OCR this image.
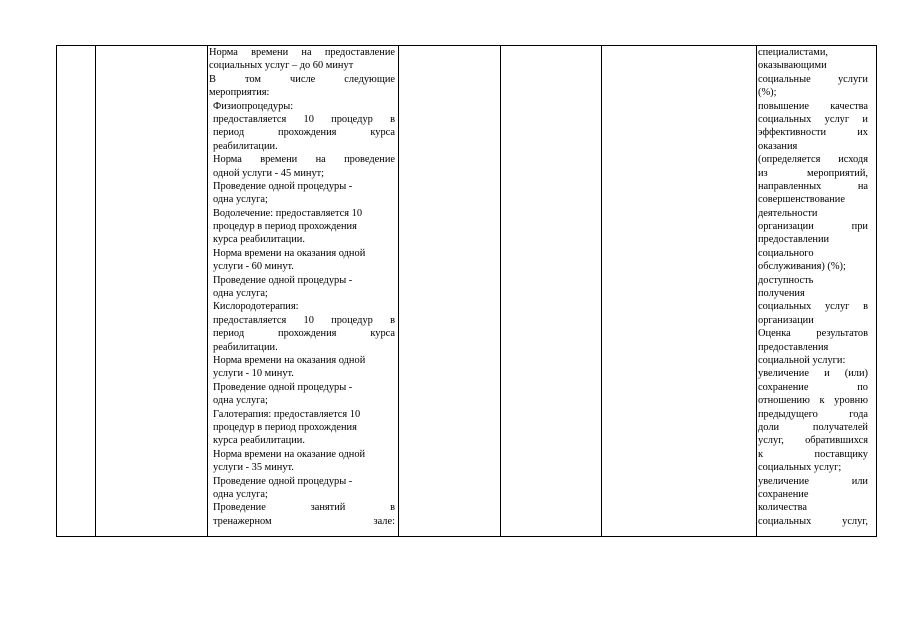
Норма времени на предоставление
социальных услуг – до 60 минут
В том числе следующие
мероприятия:
Физиопроцедуры:
предоставляется 10 процедур в
период прохождения курса
реабилитации.
Норма времени на проведение
одной услуги - 45 минут;
Проведение одной процедуры -
одна услуга;
Водолечение: предоставляется 10
процедур в период прохождения
курса реабилитации.
Норма времени на оказания одной
услуги - 60 минут.
Проведение одной процедуры -
одна услуга;
Кислородотерапия:
предоставляется 10 процедур в
период прохождения курса
реабилитации.
Норма времени на оказания одной
услуги - 10 минут.
Проведение одной процедуры -
одна услуга;
Галотерапия: предоставляется 10
процедур в период прохождения
курса реабилитации.
Норма времени на оказание одной
услуги - 35 минут.
Проведение одной процедуры -
одна услуга;
Проведение занятий в
тренажерном зале:
специалистами,
оказывающими
социальные услуги
(%);
повышение качества
социальных услуг и
эффективности их
оказания
(определяется исходя
из мероприятий,
направленных на
совершенствование
деятельности
организации при
предоставлении
социального
обслуживания) (%);
доступность
получения
социальных услуг в
организации
Оценка результатов
предоставления
социальной услуги:
увеличение и (или)
сохранение по
отношению к уровню
предыдущего года
доли получателей
услуг, обратившихся
к поставщику
социальных услуг;
увеличение или
сохранение
количества
социальных услуг,
